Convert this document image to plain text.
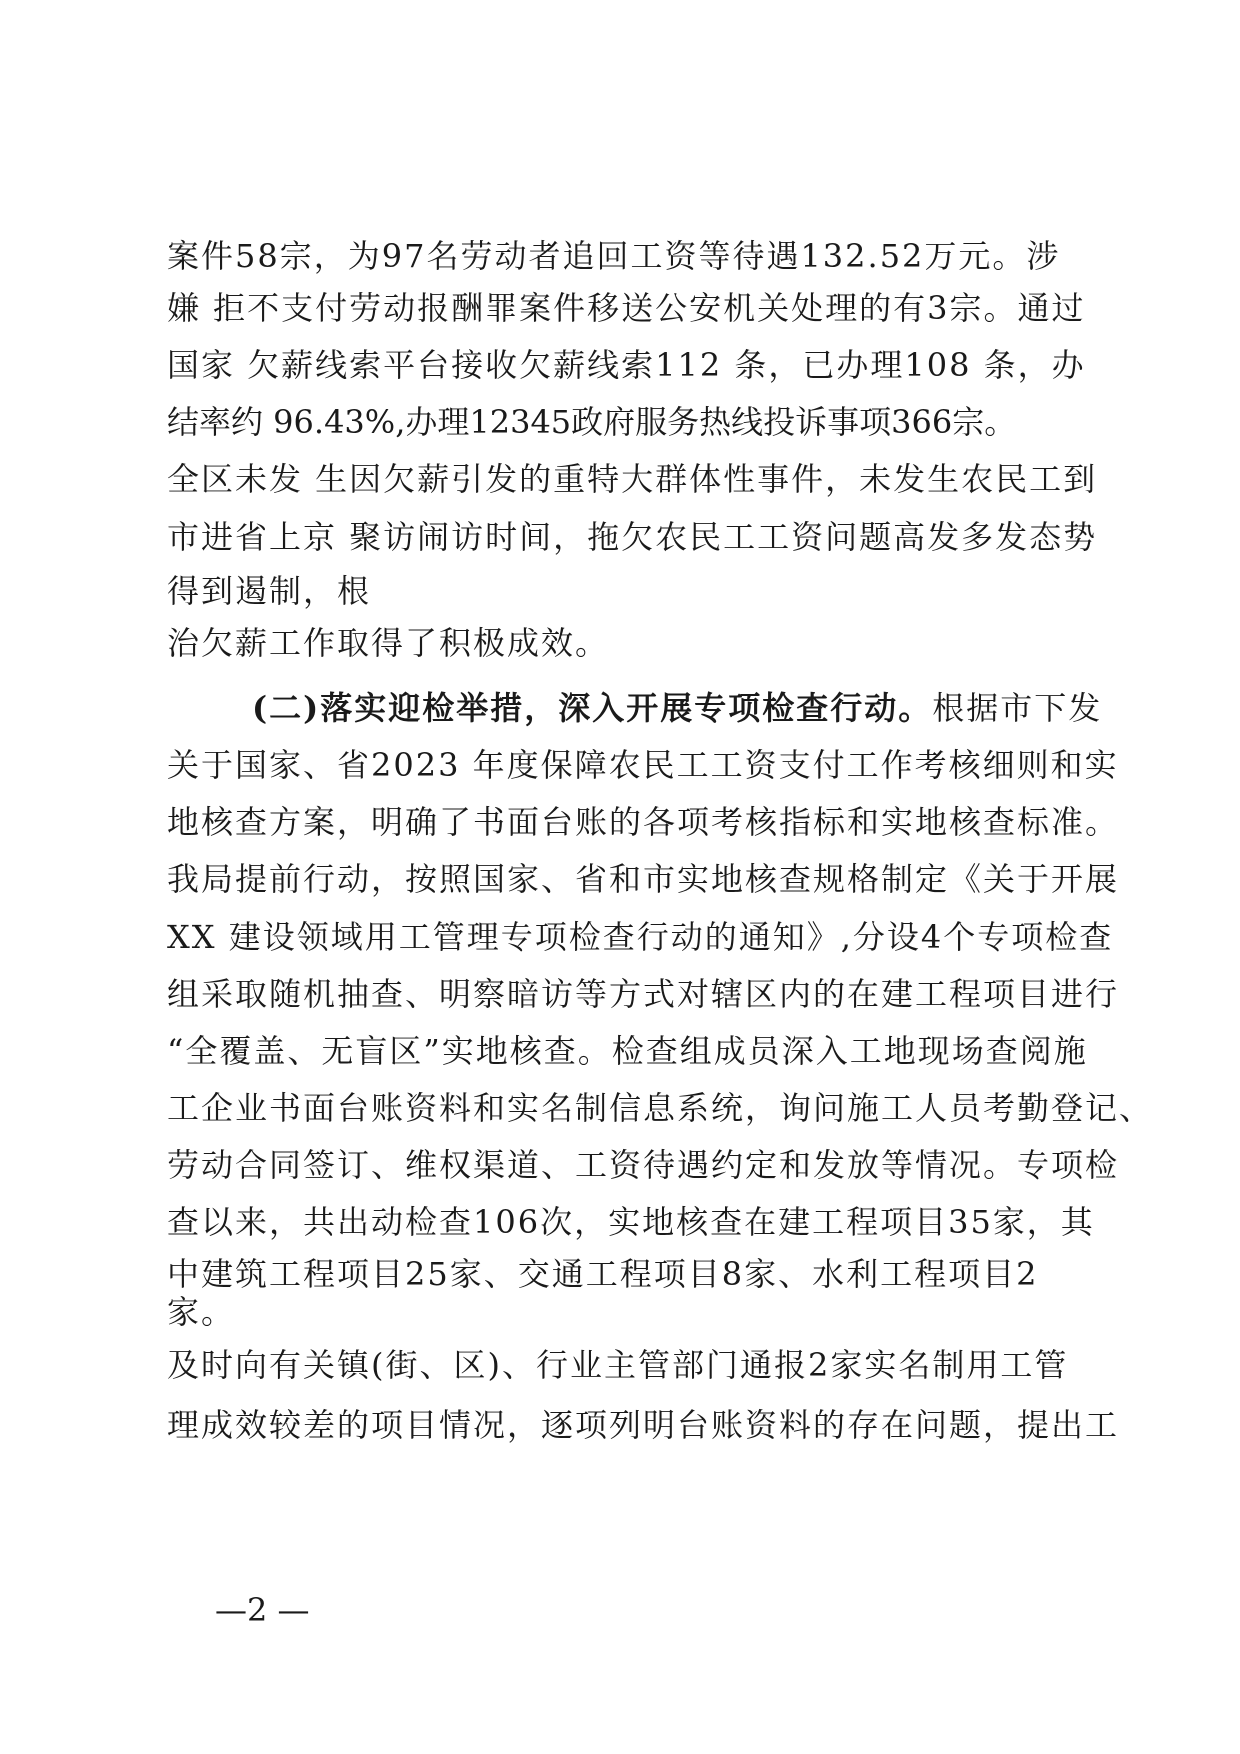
案件58宗，为97名劳动者追回工资等待遇132.52万元。涉
嫌 拒不支付劳动报酬罪案件移送公安机关处理的有3宗。通过
国家 欠薪线索平台接收欠薪线索112 条，已办理108 条，办
结率约 96.43%,办理12345政府服务热线投诉事项366宗。
全区未发 生因欠薪引发的重特大群体性事件，未发生农民工到
市进省上京 聚访闹访时间，拖欠农民工工资问题高发多发态势
得到遏制，根
治欠薪工作取得了积极成效。
(二)落实迎检举措，深入开展专项检查行动。根据市下发
关于国家、省2023 年度保障农民工工资支付工作考核细则和实
地核查方案，明确了书面台账的各项考核指标和实地核查标准。
我局提前行动，按照国家、省和市实地核查规格制定《关于开展
XX 建设领域用工管理专项检查行动的通知》,分设4个专项检查
组采取随机抽查、明察暗访等方式对辖区内的在建工程项目进行
“全覆盖、无盲区”实地核查。检查组成员深入工地现场查阅施
工企业书面台账资料和实名制信息系统，询问施工人员考勤登记、
劳动合同签订、维权渠道、工资待遇约定和发放等情况。专项检
查以来，共出动检查106次，实地核查在建工程项目35家，其
中建筑工程项目25家、交通工程项目8家、水利工程项目2
家。
及时向有关镇(街、区)、行业主管部门通报2家实名制用工管
理成效较差的项目情况，逐项列明台账资料的存在问题，提出工
—2 —
